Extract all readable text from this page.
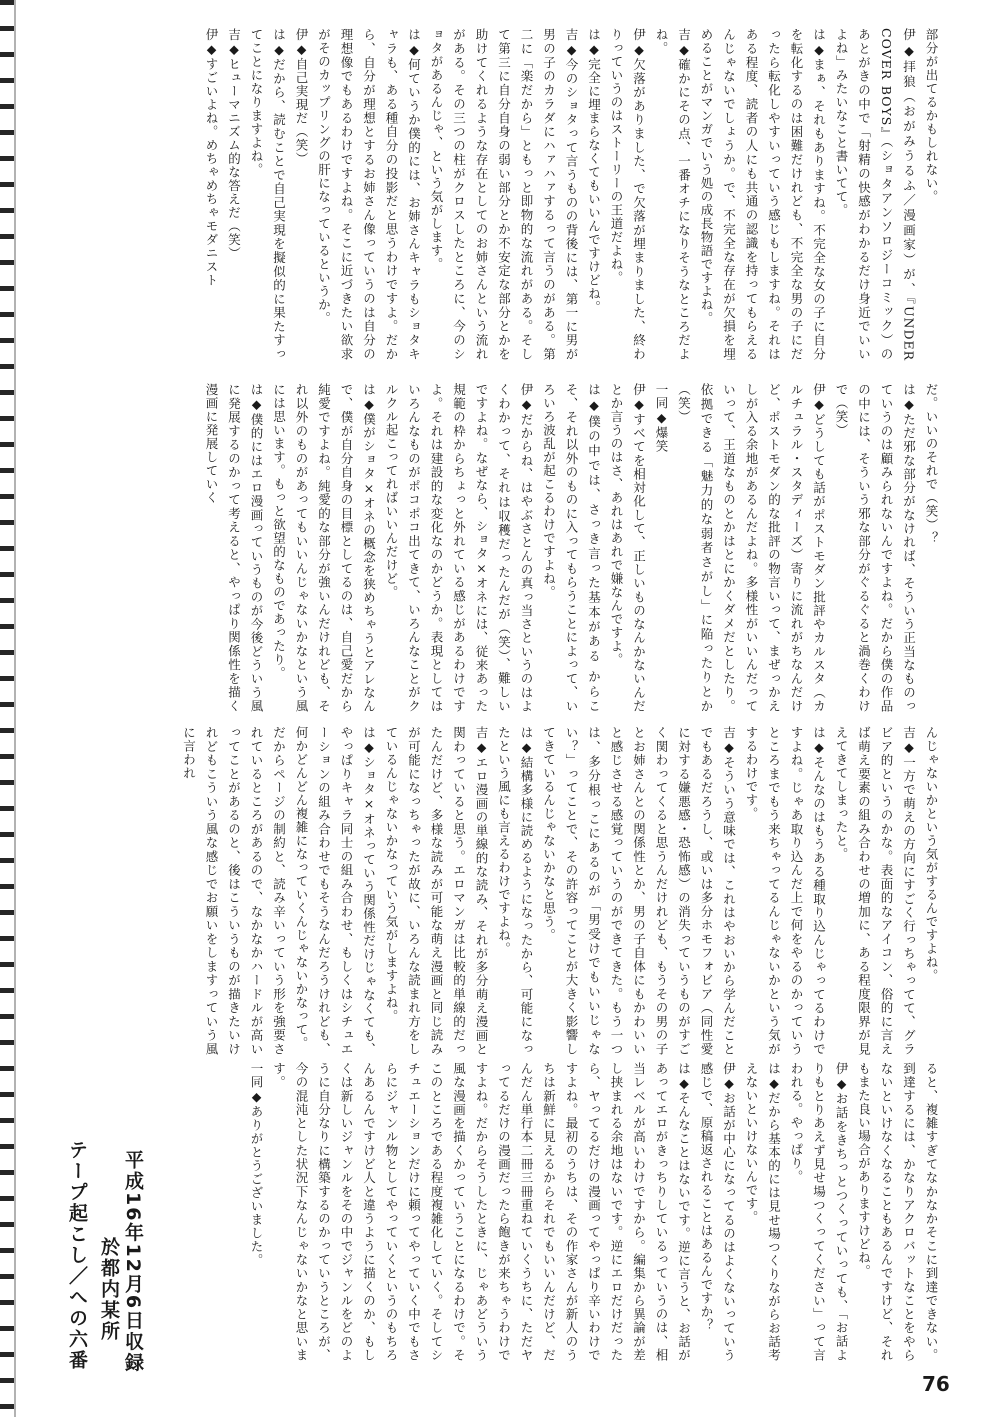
部分が出てるかもしれない。

伊◆拝狼（おがみうるふ／漫画家）が、『UNDER COVER BOYS』（ショタアンソロジーコミック）のあとがきの中で「射精の快感がわかるだけ身近でいいよね」みたいなこと書いてて。

は◆まぁ、それもありますね。不完全な女の子に自分を転化するのは困難だけれども、不完全な男の子にだったら転化しやすいっていう感じもしますね。それはある程度、読者の人にも共通の認識を持ってもらえるんじゃないでしょうか。で、不完全な存在が欠損を埋めることがマンガでいう処の成長物語ですよね。

吉◆確かにその点、一番オチになりそうなところだよね。

伊◆欠落がありました、で欠落が埋まりました、終わりっていうのはストーリーの王道だよね。

は◆完全に埋まらなくてもいいんですけどね。

吉◆今のショタって言うものの背後には、第一に男が男の子のカラダにハァハァするって言うのがある。第二に「楽だから」ともっと即物的な流れがある。そして第三に自分自身の弱い部分とか不安定な部分とかを助けてくれるような存在としてのお姉さんという流れがある。その三つの柱がクロスしたところに、今のショタがあるんじゃ、という気がします。

は◆何ていうか僕的には、お姉さんキャラもショタキャラも、ある種自分の投影だと思うわけですよ。だから、自分が理想とするお姉さん像っていうのは自分の理想像でもあるわけですよね。そこに近づきたい欲求がそのカップリングの肝になっているというか。

伊◆自己実現だ（笑）

は◆だから、読むことで自己実現を擬似的に果たすってことになりますよね。

吉◆ヒューマニズム的な答えだ（笑）

伊◆すごいよね。めちゃめちゃモダニスト

だ。いいのそれで（笑）？

は◆ただ邪な部分がなければ、そういう正当なものっていうのは顧みられないんですよね。だから僕の作品の中には、そういう邪な部分がぐるぐると渦巻くわけで（笑）

伊◆どうしても話がポストモダン批評やカルスタ（カルチュラル・スタディーズ）寄りに流れがちなんだけど、ポストモダン的な批評の物言いって、まぜっかえしが入る余地があるんだよね。多様性がいいんだっていって、王道なものとかはとにかくダメだとしたり。依拠できる「魅力的な弱者さがし」に陥ったりとか（笑）

一同◆爆笑

伊◆すべてを相対化して、正しいものなんかないんだとか言うのはさ、あれはあれで嫌なんですよ。

は◆僕の中では、さっき言った基本がある からこそ、それ以外のものに入ってもらうことによって、いろいろ波乱が起こるわけですよね。

伊◆だからね、はやぶさとんの真っ当さというのはよくわかって、それは収穫だったんだが（笑）、難しいですよね。なぜなら、ショタ×オネには、従来あった規範の枠からちょっと外れている感じがあるわけですよ。それは建設的な変化なのかどうか。表現としてはいろんなものがポコポコ出てきて、いろんなことがクルクル起こってればいいんだけど。

は◆僕がショタ×オネの概念を狭めちゃうとアレなんで、僕が自分自身の目標としてるのは、自己愛だから純愛ですよね。純愛的な部分が強いんだけれども、それ以外のものがあってもいいんじゃないかなという風には思います。もっと欲望的なものであったり。

は◆僕的にはエロ漫画っていうものが今後どういう風に発展するのかって考えると、やっぱり関係性を描く漫画に発展していく

んじゃないかという気がするんですよね。

吉◆一方で萌えの方向にすごく行っちゃってて、グラビア的というのかな。表面的なアイコン、俗的に言えば萌え要素の組み合わせの増加に、ある程度限界が見えてきてしまったと。

は◆そんなのはもうある種取り込んじゃってるわけですよね。じゃあ取り込んだ上で何をやるのかっていうところまでもう来ちゃってるんじゃないかという気がするわけです。

吉◆そういう意味では、これはやおいから学んだことでもあるだろうし、或いは多分ホモフォビア（同性愛に対する嫌悪感・恐怖感）の消失っていうものがすごく関わってくると思うんだけれども、もうその男の子とお姉さんとの関係性とか、男の子自体にもかわいいと感じさせる感覚っていうのができてきた。もう一つは、多分根っこにあるのが「男受けでもいいじゃない？」ってことで、その許容ってことが大きく影響してきているんじゃないかなと思う。

は◆結構多様に読めるようになったから、可能になったという風にも言えるわけですよね。

吉◆エロ漫画の単線的な読み、それが多分萌え漫画と関わっていると思う。エロマンガは比較的単線的だったんだけど、多様な読みが可能な萌え漫画と同じ読みが可能になっちゃったが故に、いろんな読まれ方をしているんじゃないかなっていう気がしますよね。

は◆ショタ×オネっていう関係性だけじゃなくても、やっぱりキャラ同士の組み合わせ、もしくはシチュエーションの組み合わせでもそうなんだろうけれども、何かどんどん複雑になっていくんじゃないかなって。

だからページの制約と、読み辛いっていう形を強要されているところがあるので、なかなかハードルが高いってことがあるのと、後はこういうものが描きたいけれどもこういう風な感じでお願いをしますっていう風に言われ

ると、複雑すぎてなかなかそこに到達できない。到達するには、かなりアクロバットなことをやらないといけなくなることもあるんですけど、それもまた良い場合がありますけどね。

伊◆お話をきちっとつくっていっても、「お話よりもとりあえず見せ場つくってください」って言われる。やっぱり。

は◆だから基本的には見せ場つくりながらお話考えないといけないんです。

伊◆お話が中心になってるのはよくないっていう感じで、原稿返されることはあるんですか？

は◆そんなことはないです。逆に言うと、お話があってエロがきっちりしているっていうのは、相当レベルが高いわけですから。編集から異論が差し挟まれる余地はないです。逆にエロだけだったら、ヤってるだけの漫画ってやっぱり辛いわけですよね。最初のうちは、その作家さんが新人のうちは新鮮に見えるからそれでもいいんだけど、だんだん単行本二冊三冊重ねていくうちに、ただヤってるだけの漫画だったら飽きが来ちゃうわけですよね。だからそうしたときに、じゃあどういう風な漫画を描くかっていうことになるわけで。そこのところである程度複雑化していく。そしてシチュエーションだけに頼ってやっていく中でもさらにジャンル物としてやっていくというのもちろんあるんですけど人と違うように描くのか、もしくは新しいジャンルをその中でジャンルをどのように自分なりに構築するのかっていうところが、今の混沌とした状況下なんじゃないかなと思います。

一同◆ありがとうございました。

平成16年12月6日収録
於都内某所
テープ起こし／への六番
76
